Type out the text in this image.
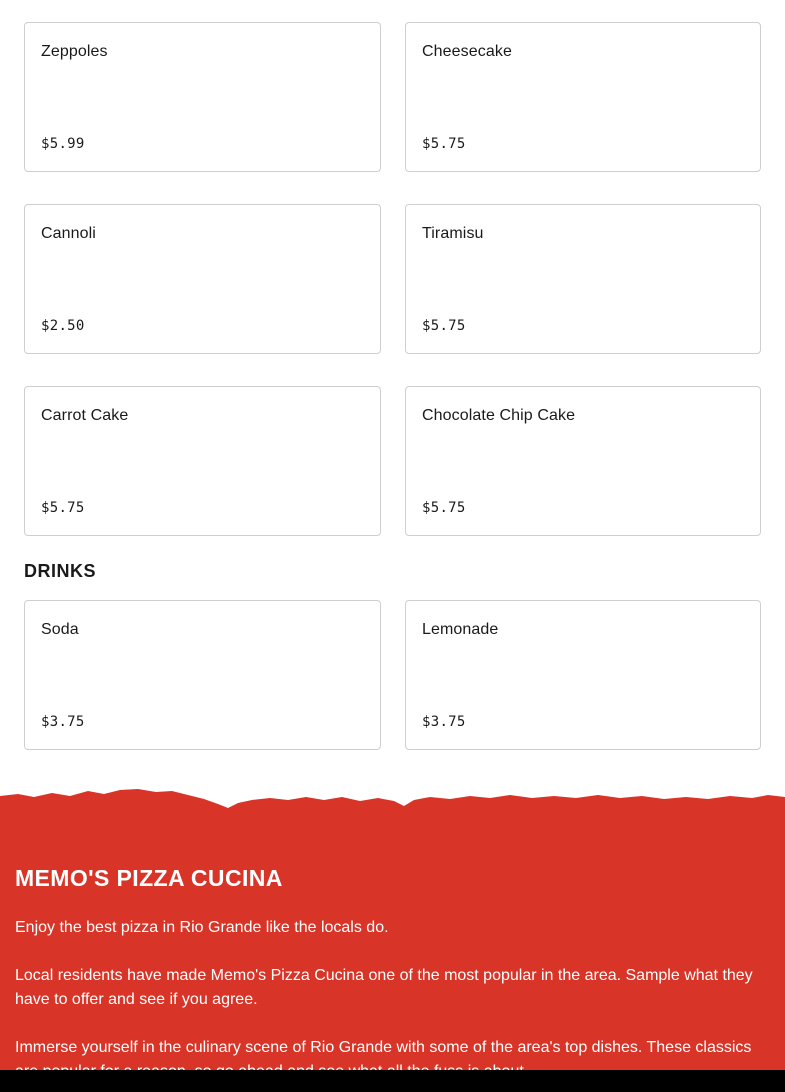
Zeppoles
$5.99
Cheesecake
$5.75
Cannoli
$2.50
Tiramisu
$5.75
Carrot Cake
$5.75
Chocolate Chip Cake
$5.75
DRINKS
Soda
$3.75
Lemonade
$3.75
MEMO'S PIZZA CUCINA

Enjoy the best pizza in Rio Grande like the locals do.

Local residents have made Memo's Pizza Cucina one of the most popular in the area. Sample what they have to offer and see if you agree.

Immerse yourself in the culinary scene of Rio Grande with some of the area's top dishes. These classics
